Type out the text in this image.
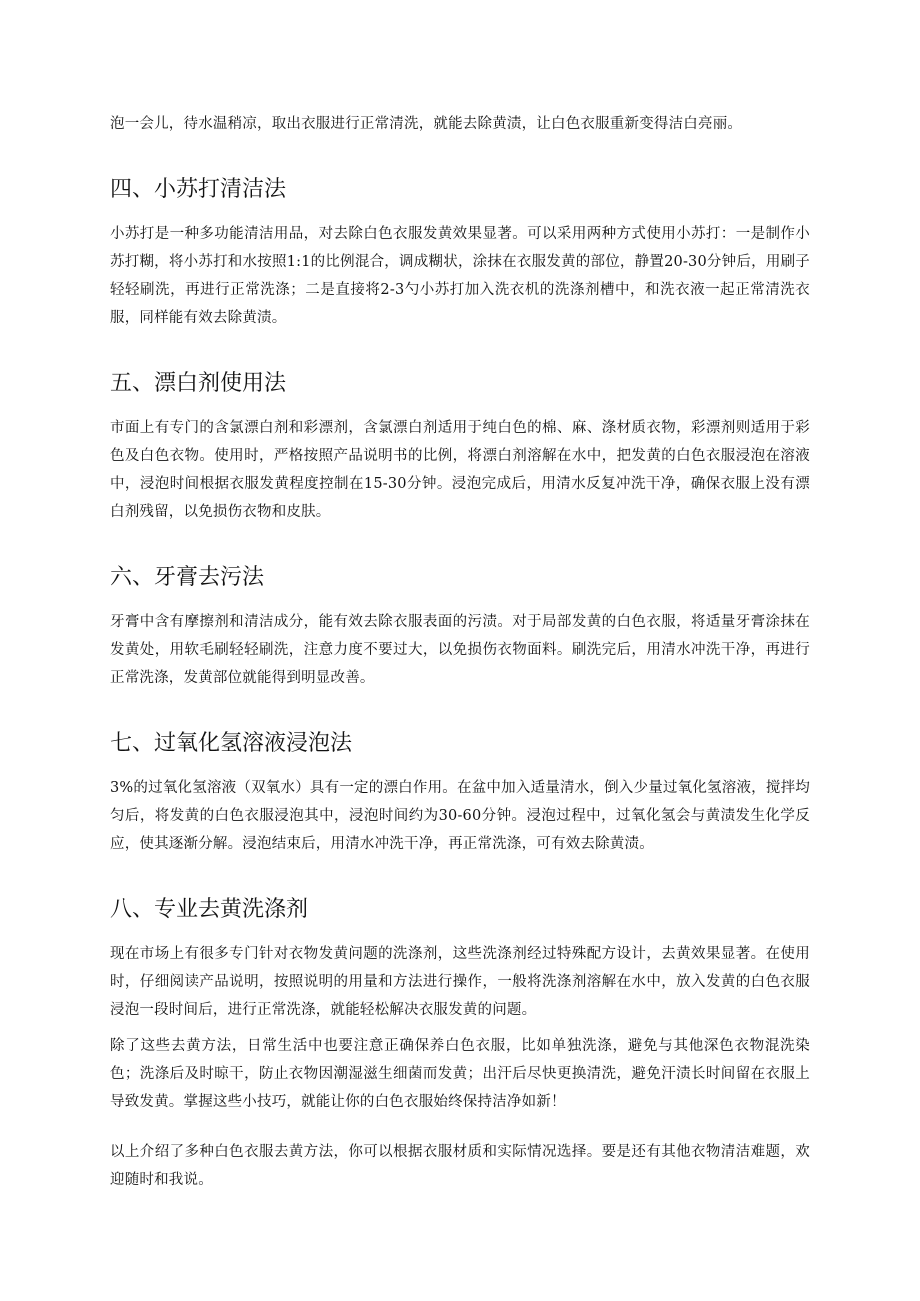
泡一会儿，待水温稍凉，取出衣服进行正常清洗，就能去除黄渍，让白色衣服重新变得洁白亮丽。

四、小苏打清洁法

小苏打是一种多功能清洁用品，对去除白色衣服发黄效果显著。可以采用两种方式使用小苏打：一是制作小苏打糊，将小苏打和水按照1:1的比例混合，调成糊状，涂抹在衣服发黄的部位，静置20-30分钟后，用刷子轻轻刷洗，再进行正常洗涤；二是直接将2-3勺小苏打加入洗衣机的洗涤剂槽中，和洗衣液一起正常清洗衣服，同样能有效去除黄渍。

五、漂白剂使用法

市面上有专门的含氯漂白剂和彩漂剂，含氯漂白剂适用于纯白色的棉、麻、涤材质衣物，彩漂剂则适用于彩色及白色衣物。使用时，严格按照产品说明书的比例，将漂白剂溶解在水中，把发黄的白色衣服浸泡在溶液中，浸泡时间根据衣服发黄程度控制在15-30分钟。浸泡完成后，用清水反复冲洗干净，确保衣服上没有漂白剂残留，以免损伤衣物和皮肤。

六、牙膏去污法

牙膏中含有摩擦剂和清洁成分，能有效去除衣服表面的污渍。对于局部发黄的白色衣服，将适量牙膏涂抹在发黄处，用软毛刷轻轻刷洗，注意力度不要过大，以免损伤衣物面料。刷洗完后，用清水冲洗干净，再进行正常洗涤，发黄部位就能得到明显改善。

七、过氧化氢溶液浸泡法

3%的过氧化氢溶液（双氧水）具有一定的漂白作用。在盆中加入适量清水，倒入少量过氧化氢溶液，搅拌均匀后，将发黄的白色衣服浸泡其中，浸泡时间约为30-60分钟。浸泡过程中，过氧化氢会与黄渍发生化学反应，使其逐渐分解。浸泡结束后，用清水冲洗干净，再正常洗涤，可有效去除黄渍。

八、专业去黄洗涤剂

现在市场上有很多专门针对衣物发黄问题的洗涤剂，这些洗涤剂经过特殊配方设计，去黄效果显著。在使用时，仔细阅读产品说明，按照说明的用量和方法进行操作，一般将洗涤剂溶解在水中，放入发黄的白色衣服浸泡一段时间后，进行正常洗涤，就能轻松解决衣服发黄的问题。

除了这些去黄方法，日常生活中也要注意正确保养白色衣服，比如单独洗涤，避免与其他深色衣物混洗染色；洗涤后及时晾干，防止衣物因潮湿滋生细菌而发黄；出汗后尽快更换清洗，避免汗渍长时间留在衣服上导致发黄。掌握这些小技巧，就能让你的白色衣服始终保持洁净如新！

以上介绍了多种白色衣服去黄方法，你可以根据衣服材质和实际情况选择。要是还有其他衣物清洁难题，欢迎随时和我说。
